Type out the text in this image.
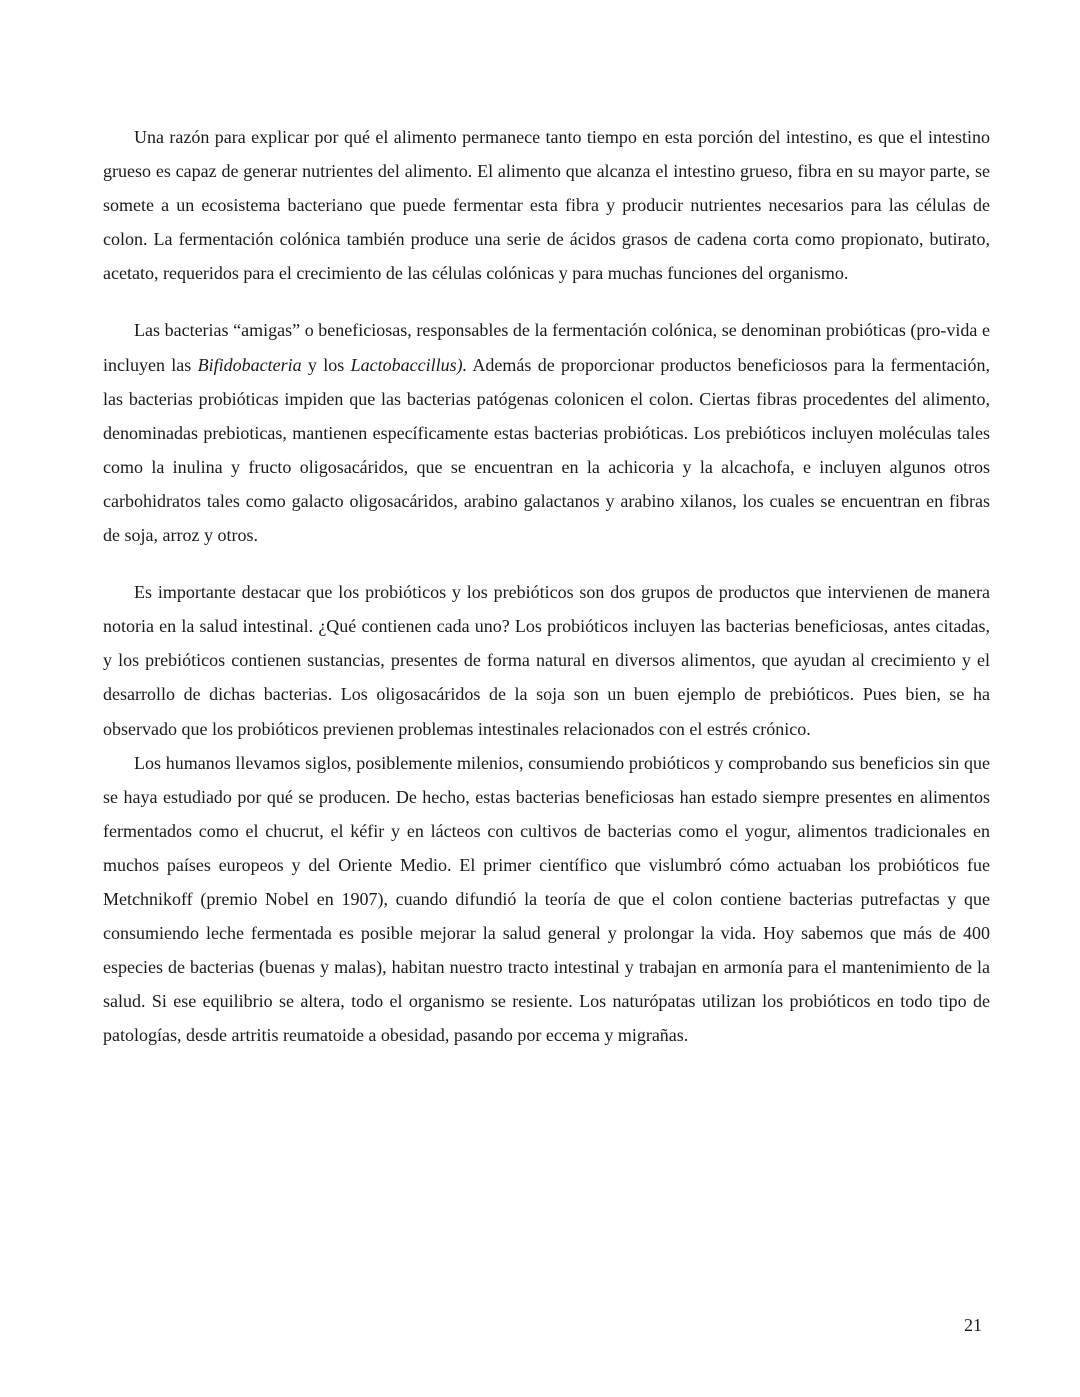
Una razón para explicar por qué el alimento permanece tanto tiempo en esta porción del intestino, es que el intestino grueso es capaz de generar nutrientes del alimento. El alimento que alcanza el intestino grueso, fibra en su mayor parte, se somete a un ecosistema bacteriano que puede fermentar esta fibra y producir nutrientes necesarios para las células de colon. La fermentación colónica también produce una serie de ácidos grasos de cadena corta como propionato, butirato, acetato, requeridos para el crecimiento de las células colónicas y para muchas funciones del organismo.

Las bacterias “amigas” o beneficiosas, responsables de la fermentación colónica, se denominan probióticas (pro-vida e incluyen las Bifidobacteria y los Lactobaccillus). Además de proporcionar productos beneficiosos para la fermentación, las bacterias probióticas impiden que las bacterias patógenas colonicen el colon. Ciertas fibras procedentes del alimento, denominadas prebioticas, mantienen específicamente estas bacterias probióticas. Los prebióticos incluyen moléculas tales como la inulina y fructo oligosacáridos, que se encuentran en la achicoria y la alcachofa, e incluyen algunos otros carbohidratos tales como galacto oligosacáridos, arabino galactanos y arabino xilanos, los cuales se encuentran en fibras de soja, arroz y otros.

Es importante destacar que los probióticos y los prebióticos son dos grupos de productos que intervienen de manera notoria en la salud intestinal. ¿Qué contienen cada uno? Los probióticos incluyen las bacterias beneficiosas, antes citadas, y los prebióticos contienen sustancias, presentes de forma natural en diversos alimentos, que ayudan al crecimiento y el desarrollo de dichas bacterias. Los oligosacáridos de la soja son un buen ejemplo de prebióticos. Pues bien, se ha observado que los probióticos previenen problemas intestinales relacionados con el estrés crónico.

Los humanos llevamos siglos, posiblemente milenios, consumiendo probióticos y comprobando sus beneficios sin que se haya estudiado por qué se producen. De hecho, estas bacterias beneficiosas han estado siempre presentes en alimentos fermentados como el chucrut, el kéfir y en lácteos con cultivos de bacterias como el yogur, alimentos tradicionales en muchos países europeos y del Oriente Medio. El primer científico que vislumbró cómo actuaban los probióticos fue Metchnikoff (premio Nobel en 1907), cuando difundió la teoría de que el colon contiene bacterias putrefactas y que consumiendo leche fermentada es posible mejorar la salud general y prolongar la vida. Hoy sabemos que más de 400 especies de bacterias (buenas y malas), habitan nuestro tracto intestinal y trabajan en armonía para el mantenimiento de la salud. Si ese equilibrio se altera, todo el organismo se resiente. Los naturópatas utilizan los probióticos en todo tipo de patologías, desde artritis reumatoide a obesidad, pasando por eccema y migrañas.

21
